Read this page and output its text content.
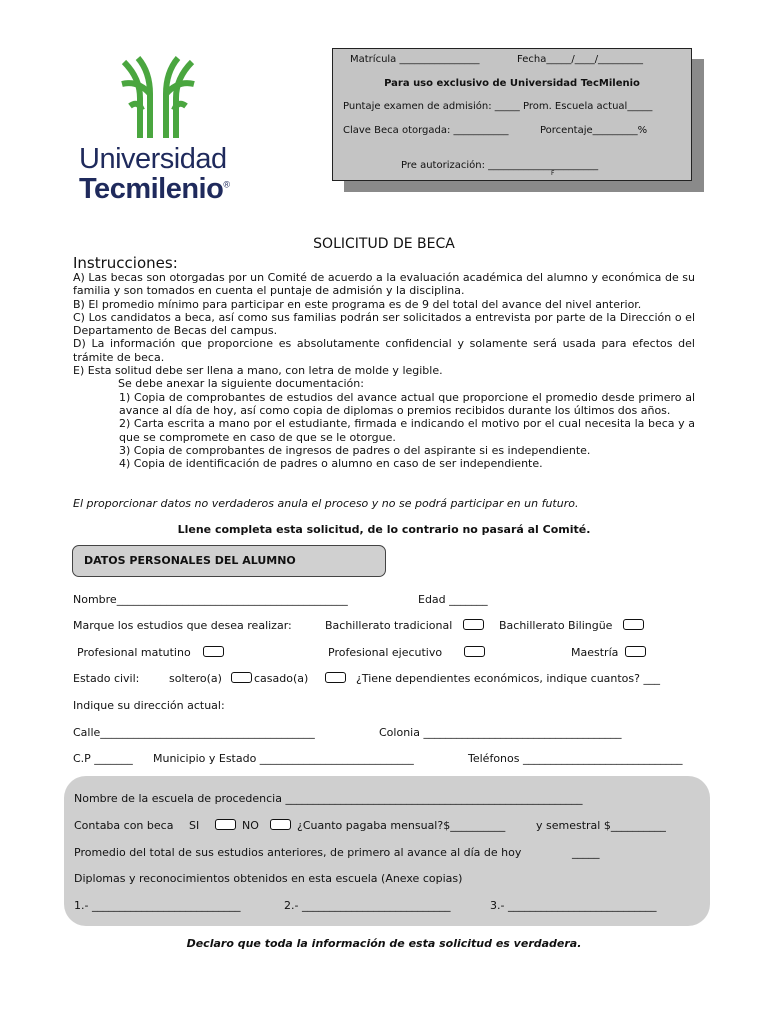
Universidad
Tecmilenio®
Matrícula ________________	Fecha_____/____/_________
Para uso exclusivo de Universidad TecMilenio
Puntaje examen de admisión: _____ Prom. Escuela actual_____
Clave Beca otorgada: ___________	Porcentaje_________%
Pre autorización: ______________________
F
SOLICITUD DE BECA
Instrucciones:

A) Las becas son otorgadas por un Comité de acuerdo a la evaluación académica del alumno y económica de su familia y son tomados en cuenta el puntaje de admisión y la disciplina.

B) El promedio mínimo para participar en este programa es de 9 del total del avance del nivel anterior.

C) Los candidatos a beca, así como sus familias podrán ser solicitados a entrevista por parte de la Dirección o el Departamento de Becas del campus.

D) La información que proporcione es absolutamente confidencial y solamente será usada para efectos del trámite de beca.

E) Esta solitud debe ser llena a mano, con letra de molde y legible.

Se debe anexar la siguiente documentación:

1) Copia de comprobantes de estudios del avance actual que proporcione el promedio desde primero al avance al día de hoy, así como copia de diplomas o premios recibidos durante los últimos dos años.

2) Carta escrita a mano por el estudiante, firmada e indicando el motivo por el cual necesita la beca y a que se compromete en caso de que se le otorgue.

3) Copia de comprobantes de ingresos de padres o del aspirante si es independiente.

4) Copia de identificación de padres o alumno en caso de ser independiente.

El proporcionar datos no verdaderos anula el proceso y no se podrá participar en un futuro.
Llene completa esta solicitud, de lo contrario no pasará al Comité.
DATOS PERSONALES DEL ALUMNO
Nombre__________________________________________	Edad _______
Marque los estudios que desea realizar:	Bachillerato tradicional	Bachillerato Bilingüe
Profesional matutino	Profesional ejecutivo	Maestría
Estado civil:	soltero(a)	casado(a)	¿Tiene dependientes económicos, indique cuantos? ___
Indique su dirección actual:
Calle_______________________________________	Colonia ____________________________________
C.P _______ Municipio y Estado ____________________________	Teléfonos _____________________________
Nombre de la escuela de procedencia ______________________________________________________
Contaba con beca SI	NO	¿Cuanto pagaba mensual?$__________	y semestral $__________
Promedio del total de sus estudios anteriores, de primero al avance al día de hoy	_____
Diplomas y reconocimientos obtenidos en esta escuela (Anexe copias)
1.- ___________________________	2.- ___________________________	3.- ___________________________
Declaro que toda la información de esta solicitud es verdadera.
